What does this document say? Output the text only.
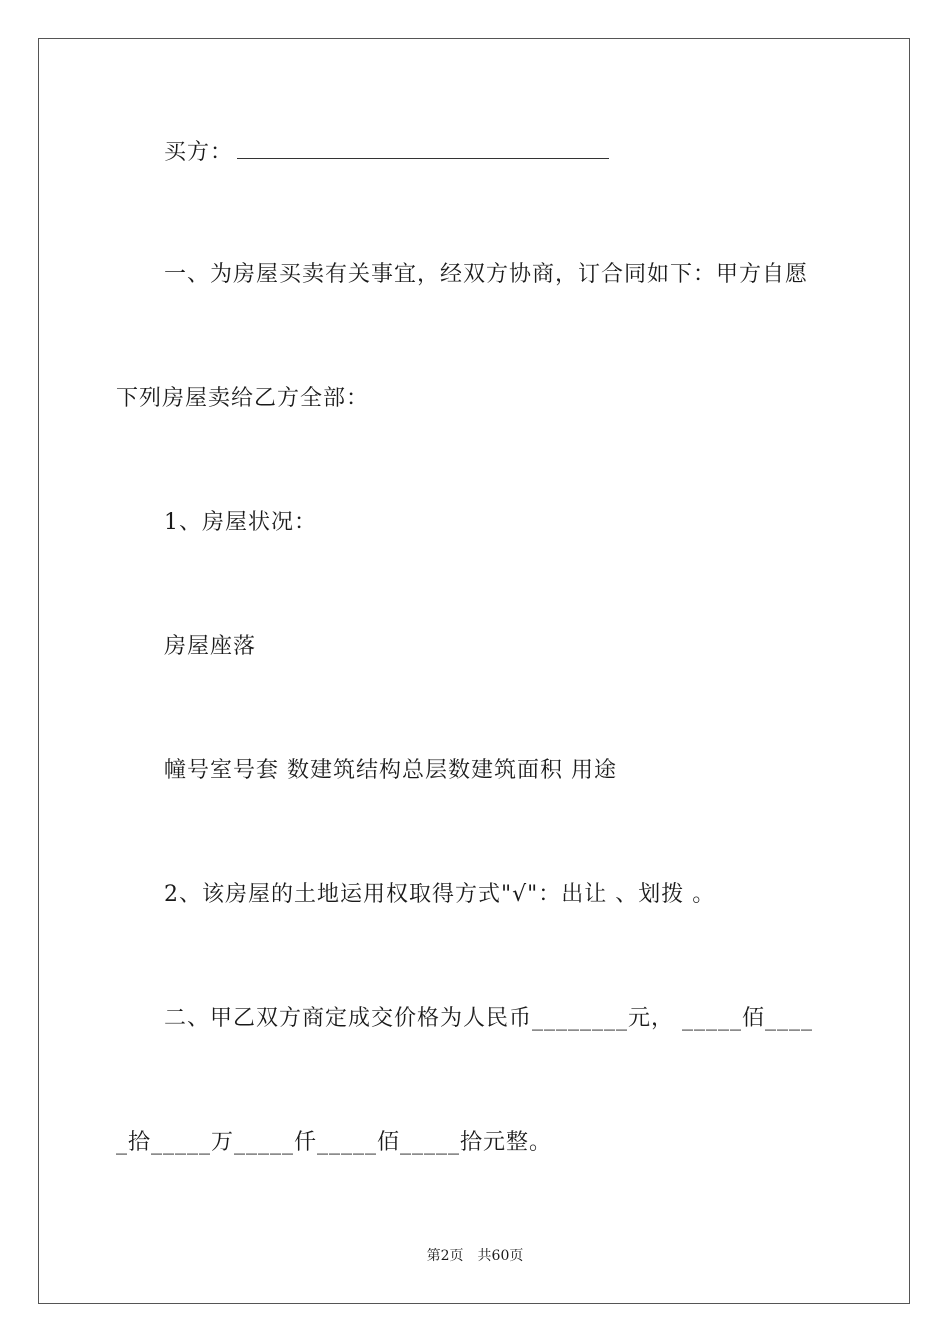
买方：
一、为房屋买卖有关事宜，经双方协商，订合同如下：甲方自愿
下列房屋卖给乙方全部：
1、房屋状况：
房屋座落
幢号室号套 数建筑结构总层数建筑面积 用途
2、该房屋的土地运用权取得方式"√"：出让 、划拨 。
二、甲乙双方商定成交价格为人民币________元， _____佰____
_拾_____万_____仟_____佰_____拾元整。
第2页　共60页
